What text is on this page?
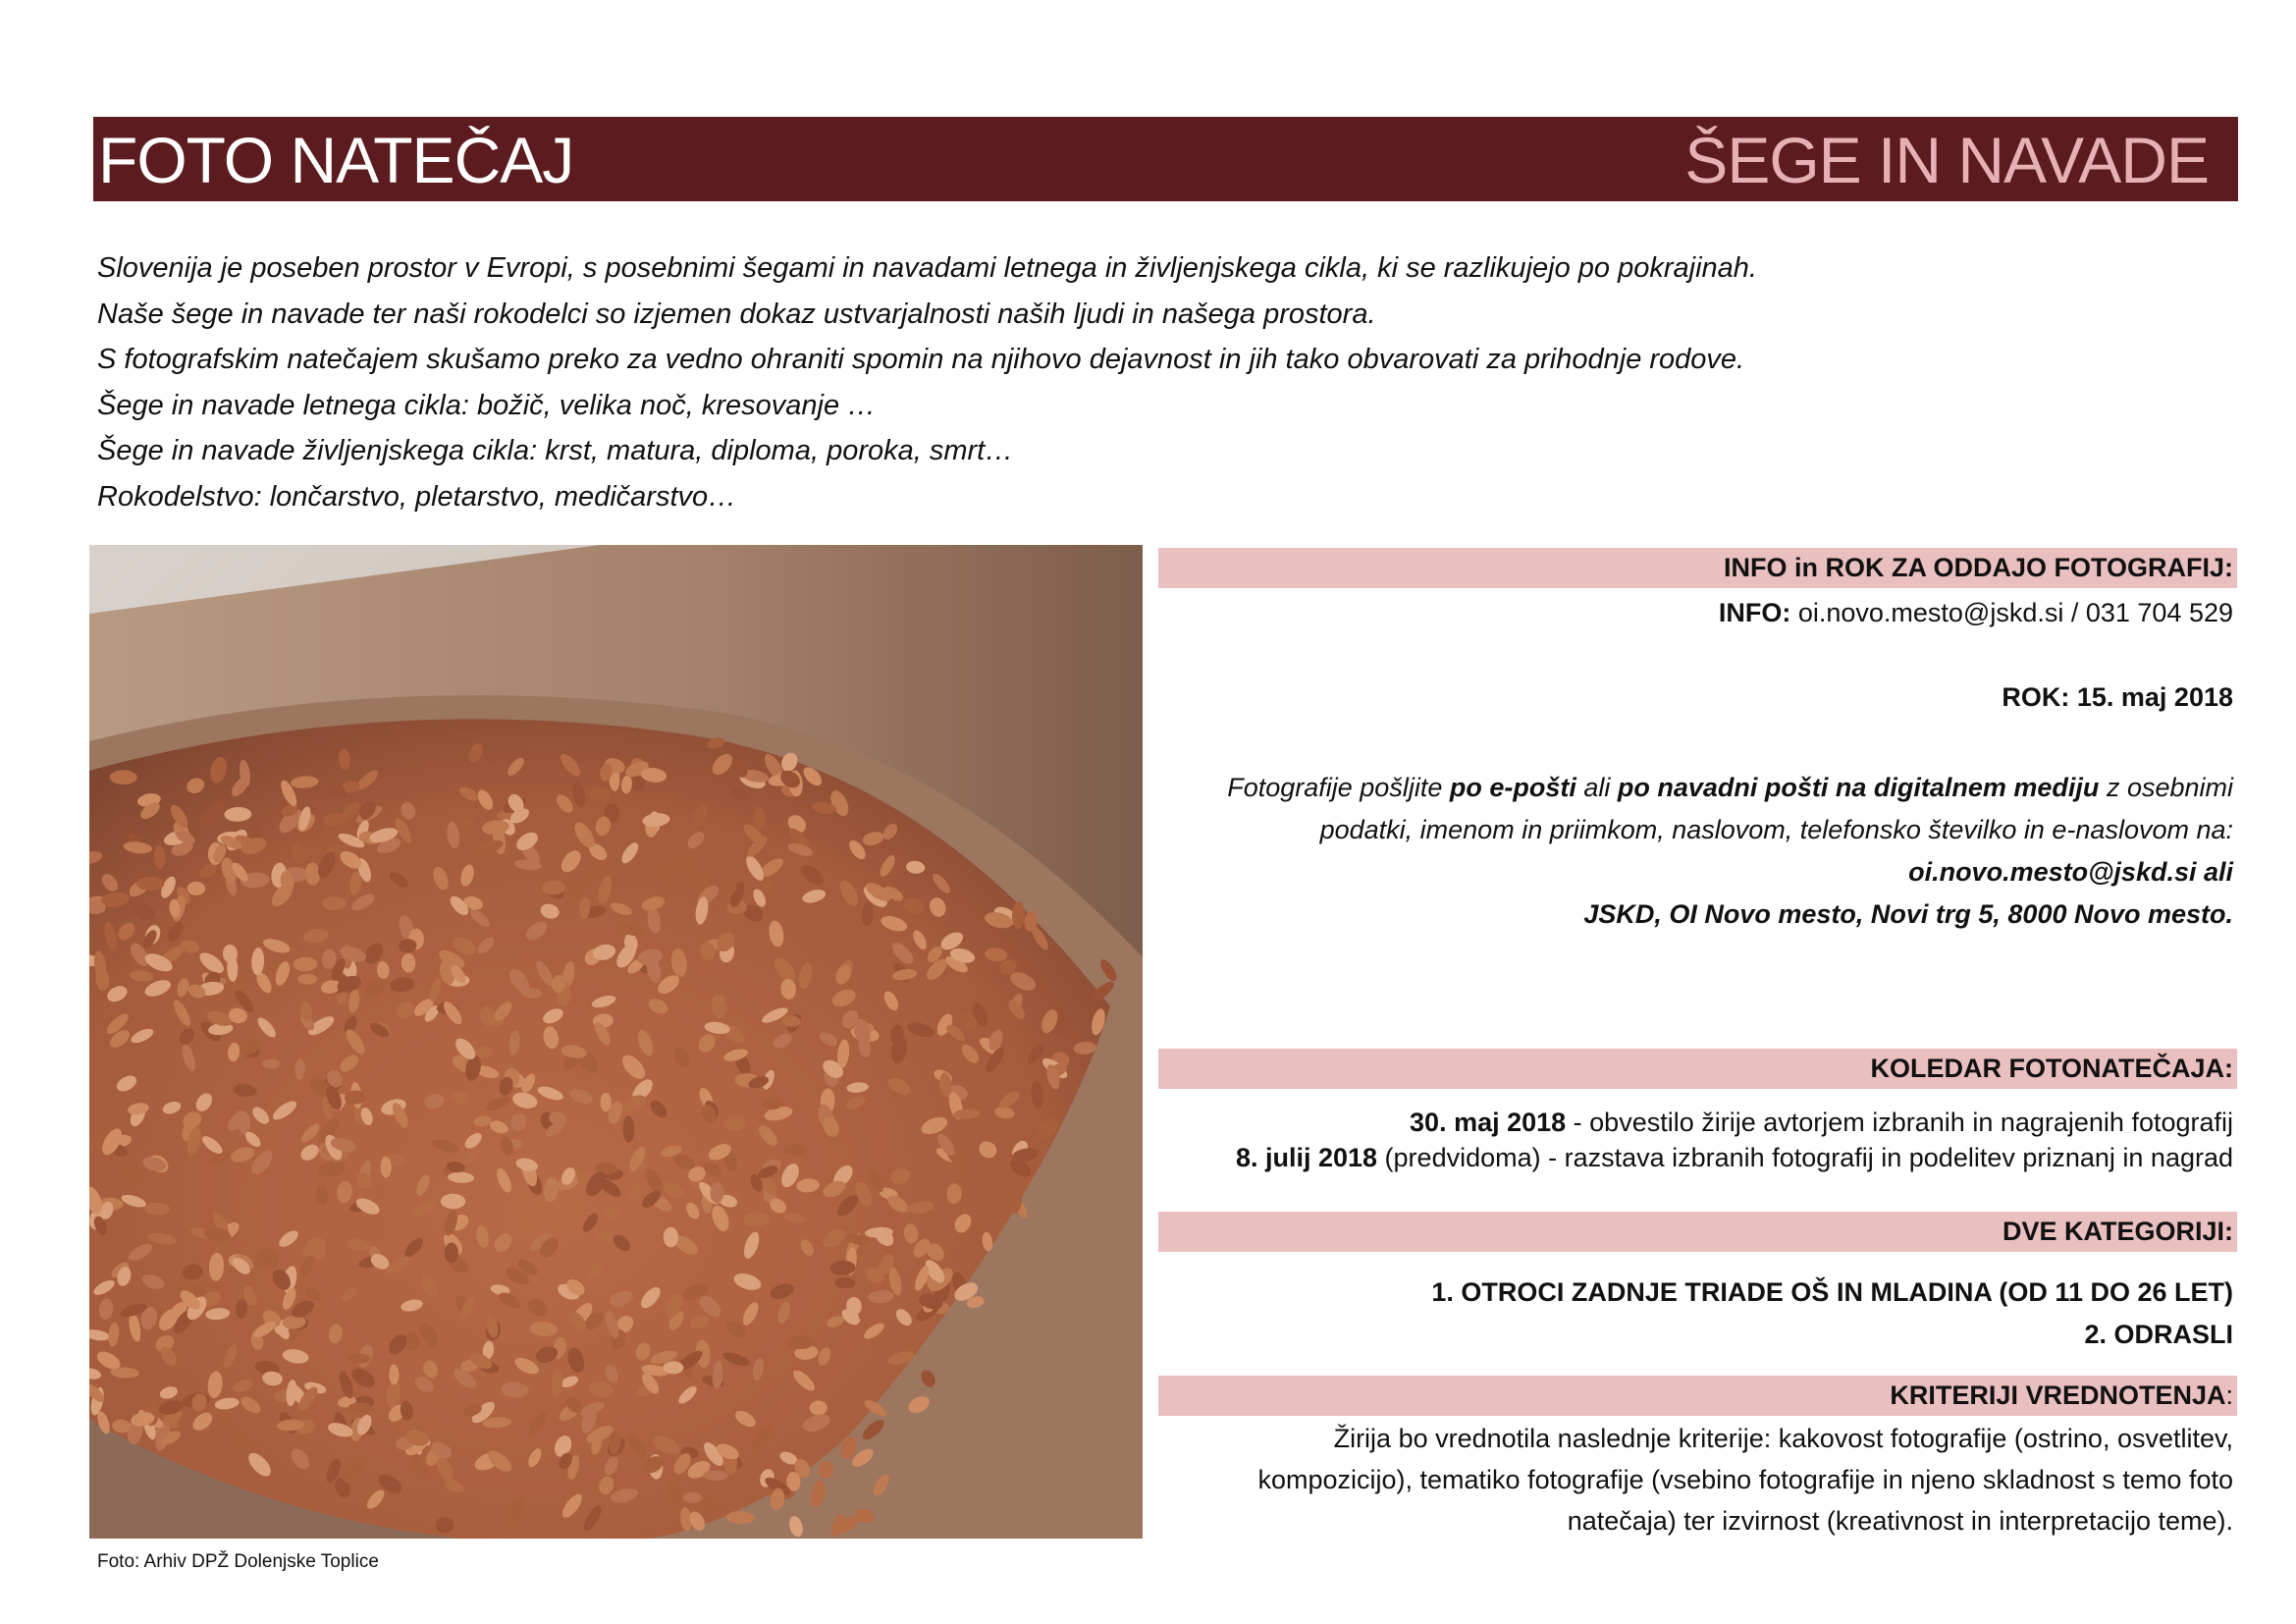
FOTO NATEČAJ	ŠEGE IN NAVADE

Slovenija je poseben prostor v Evropi, s posebnimi šegami in navadami letnega in življenjskega cikla, ki se razlikujejo po pokrajinah.

Naše šege in navade ter naši rokodelci so izjemen dokaz ustvarjalnosti naših ljudi in našega prostora.

S fotografskim natečajem skušamo preko za vedno ohraniti spomin na njihovo dejavnost in jih tako obvarovati za prihodnje rodove.

Šege in navade letnega cikla: božič, velika noč, kresovanje …

Šege in navade življenjskega cikla: krst, matura, diploma, poroka, smrt…

Rokodelstvo: lončarstvo, pletarstvo, medičarstvo…

Foto: Arhiv DPŽ Dolenjske Toplice
INFO in ROK ZA ODDAJO FOTOGRAFIJ:
INFO: oi.novo.mesto@jskd.si / 031 704 529
ROK: 15. maj 2018
Fotografije pošljite po e-pošti ali po navadni pošti na digitalnem mediju z osebnimi
podatki, imenom in priimkom, naslovom, telefonsko številko in e-naslovom na:
oi.novo.mesto@jskd.si ali
JSKD, OI Novo mesto, Novi trg 5, 8000 Novo mesto.
KOLEDAR FOTONATEČAJA:
30. maj 2018 - obvestilo žirije avtorjem izbranih in nagrajenih fotografij
8. julij 2018 (predvidoma) - razstava izbranih fotografij in podelitev priznanj in nagrad
DVE KATEGORIJI:
1. OTROCI ZADNJE TRIADE OŠ IN MLADINA (OD 11 DO 26 LET)
2. ODRASLI
KRITERIJI VREDNOTENJA:
Žirija bo vrednotila naslednje kriterije: kakovost fotografije (ostrino, osvetlitev,
kompozicijo), tematiko fotografije (vsebino fotografije in njeno skladnost s temo foto
natečaja) ter izvirnost (kreativnost in interpretacijo teme).
